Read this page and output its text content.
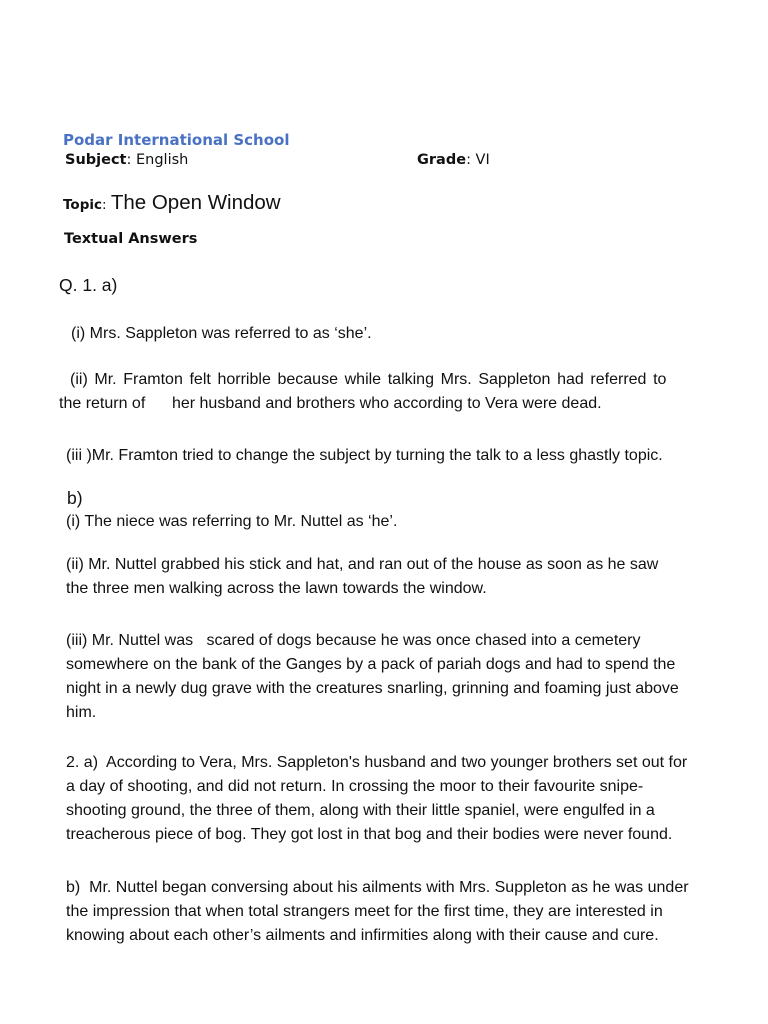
Podar International School
Subject: English	Grade: VI
Topic: The Open Window
Textual Answers
Q. 1. a)
(i) Mrs. Sappleton was referred to as ‘she’.
(ii) Mr. Framton felt horrible because while talking Mrs. Sappleton had referred to
the return of      her husband and brothers who according to Vera were dead.
(iii )Mr. Framton tried to change the subject by turning the talk to a less ghastly topic.
b)
(i) The niece was referring to Mr. Nuttel as ‘he’.
(ii) Mr. Nuttel grabbed his stick and hat, and ran out of the house as soon as he saw
the three men walking across the lawn towards the window.
(iii) Mr. Nuttel was   scared of dogs because he was once chased into a cemetery
somewhere on the bank of the Ganges by a pack of pariah dogs and had to spend the
night in a newly dug grave with the creatures snarling, grinning and foaming just above
him.
2. a)  According to Vera, Mrs. Sappleton's husband and two younger brothers set out for
a day of shooting, and did not return. In crossing the moor to their favourite snipe-
shooting ground, the three of them, along with their little spaniel, were engulfed in a
treacherous piece of bog. They got lost in that bog and their bodies were never found.
b)  Mr. Nuttel began conversing about his ailments with Mrs. Suppleton as he was under
the impression that when total strangers meet for the first time, they are interested in
knowing about each other’s ailments and infirmities along with their cause and cure.
